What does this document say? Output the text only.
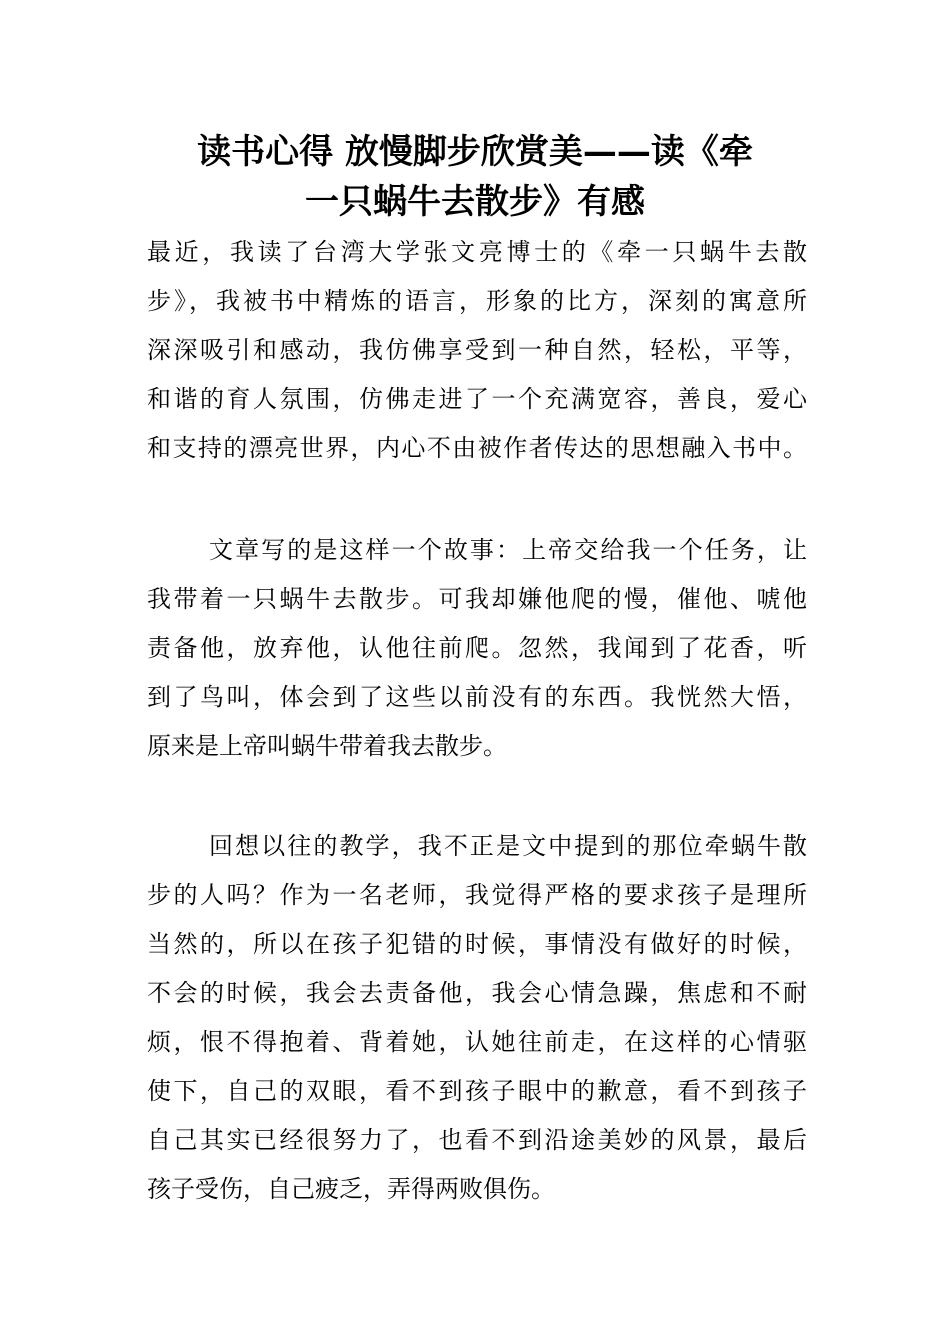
读书心得 放慢脚步欣赏美——读《牵
一只蜗牛去散步》有感

最近，我读了台湾大学张文亮博士的《牵一只蜗牛去散
步》，我被书中精炼的语言，形象的比方，深刻的寓意所
深深吸引和感动，我仿佛享受到一种自然，轻松，平等，
和谐的育人氛围，仿佛走进了一个充满宽容，善良，爱心
和支持的漂亮世界，内心不由被作者传达的思想融入书中。

文章写的是这样一个故事：上帝交给我一个任务，让
我带着一只蜗牛去散步。可我却嫌他爬的慢，催他、唬他
责备他，放弃他，认他往前爬。忽然，我闻到了花香，听
到了鸟叫，体会到了这些以前没有的东西。我恍然大悟，
原来是上帝叫蜗牛带着我去散步。

回想以往的教学，我不正是文中提到的那位牵蜗牛散
步的人吗？作为一名老师，我觉得严格的要求孩子是理所
当然的，所以在孩子犯错的时候，事情没有做好的时候，
不会的时候，我会去责备他，我会心情急躁，焦虑和不耐
烦，恨不得抱着、背着她，认她往前走，在这样的心情驱
使下，自己的双眼，看不到孩子眼中的歉意，看不到孩子
自己其实已经很努力了，也看不到沿途美妙的风景，最后
孩子受伤，自己疲乏，弄得两败俱伤。
